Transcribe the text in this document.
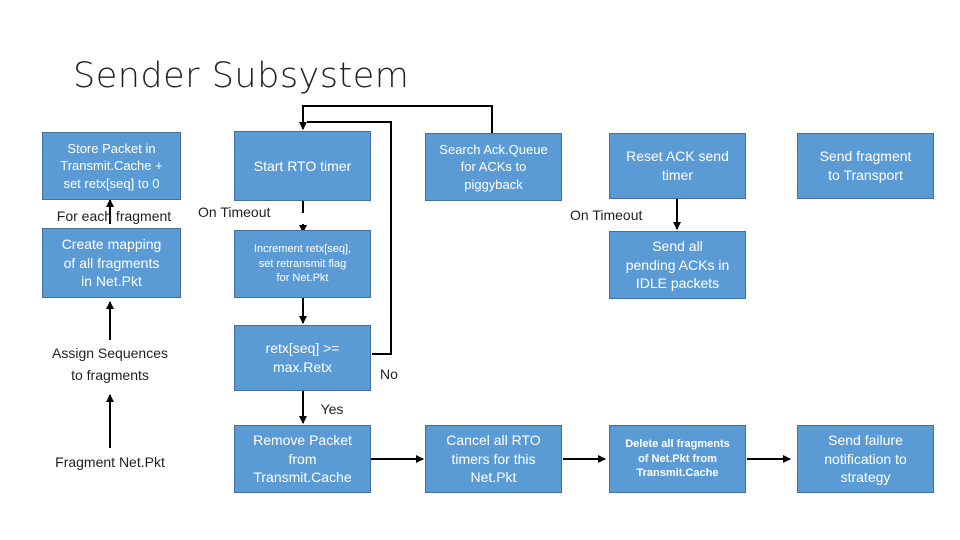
Sender Subsystem
Store Packet in
Transmit.Cache +
set retx[seq] to 0
For each fragment
Create mapping
of all fragments
in Net.Pkt
Assign Sequences
to fragments
Fragment Net.Pkt
Start RTO timer
On Timeout
Increment retx[seq],
set retransmit flag
for Net.Pkt
retx[seq] >=
max.Retx	No
Yes
Remove Packet
from
Transmit.Cache
Search Ack.Queue
for ACKs to
piggyback
Cancel all RTO
timers for this
Net.Pkt
Reset ACK send
timer
On Timeout
Send all
pending ACKs in
IDLE packets
Delete all fragments
of Net.Pkt from
Transmit.Cache
Send fragment
to Transport
Send failure
notification to
strategy
